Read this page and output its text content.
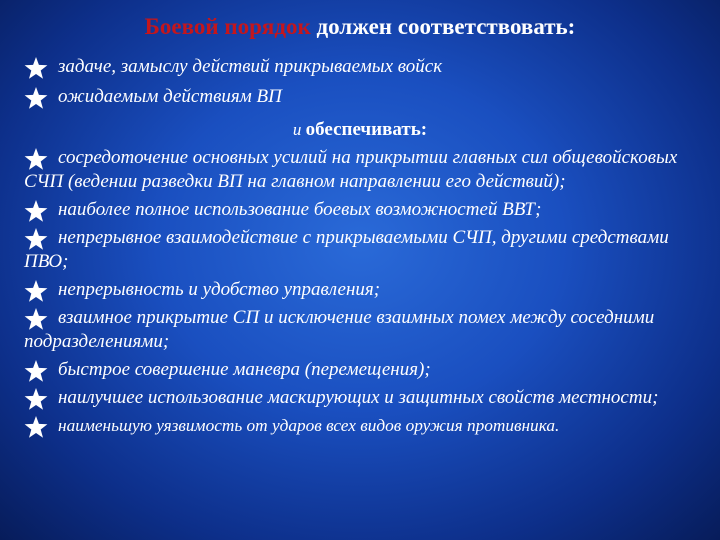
Боевой порядок должен соответствовать:

задаче, замыслу действий прикрываемых войск

ожидаемым действиям ВП

и обеспечивать:

сосредоточение основных усилий на прикрытии главных сил общевойсковых СЧП (ведении разведки ВП на главном направлении его действий);

наиболее полное использование боевых возможностей ВВТ;

непрерывное взаимодействие с прикрываемыми СЧП, другими средствами ПВО;

непрерывность и удобство управления;

взаимное прикрытие СП и исключение взаимных помех между соседними подразделениями;

быстрое совершение маневра (перемещения);

наилучшее использование маскирующих и защитных свойств местности;

наименьшую уязвимость от ударов всех видов оружия противника.
